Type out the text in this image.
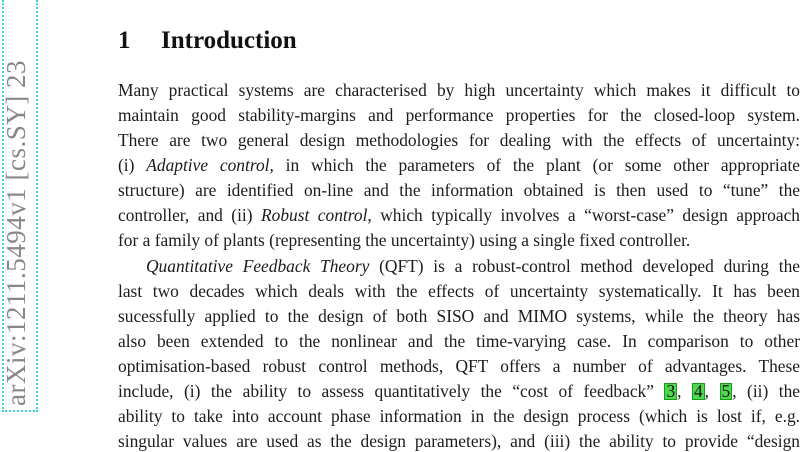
arXiv:1211.5494v1 [cs.SY] 23
1 Introduction
Many practical systems are characterised by high uncertainty which makes it difficult to
maintain good stability-margins and performance properties for the closed-loop system.
There are two general design methodologies for dealing with the effects of uncertainty:
(i) Adaptive control, in which the parameters of the plant (or some other appropriate
structure) are identified on-line and the information obtained is then used to “tune” the
controller, and (ii) Robust control, which typically involves a “worst-case” design approach
for a family of plants (representing the uncertainty) using a single fixed controller.
Quantitative Feedback Theory (QFT) is a robust-control method developed during the
last two decades which deals with the effects of uncertainty systematically. It has been
sucessfully applied to the design of both SISO and MIMO systems, while the theory has
also been extended to the nonlinear and the time-varying case. In comparison to other
optimisation-based robust control methods, QFT offers a number of advantages. These
include, (i) the ability to assess quantitatively the “cost of feedback” 3 , 4 , 5 , (ii) the
ability to take into account phase information in the design process (which is lost if, e.g.
singular values are used as the design parameters), and (iii) the ability to provide “design
